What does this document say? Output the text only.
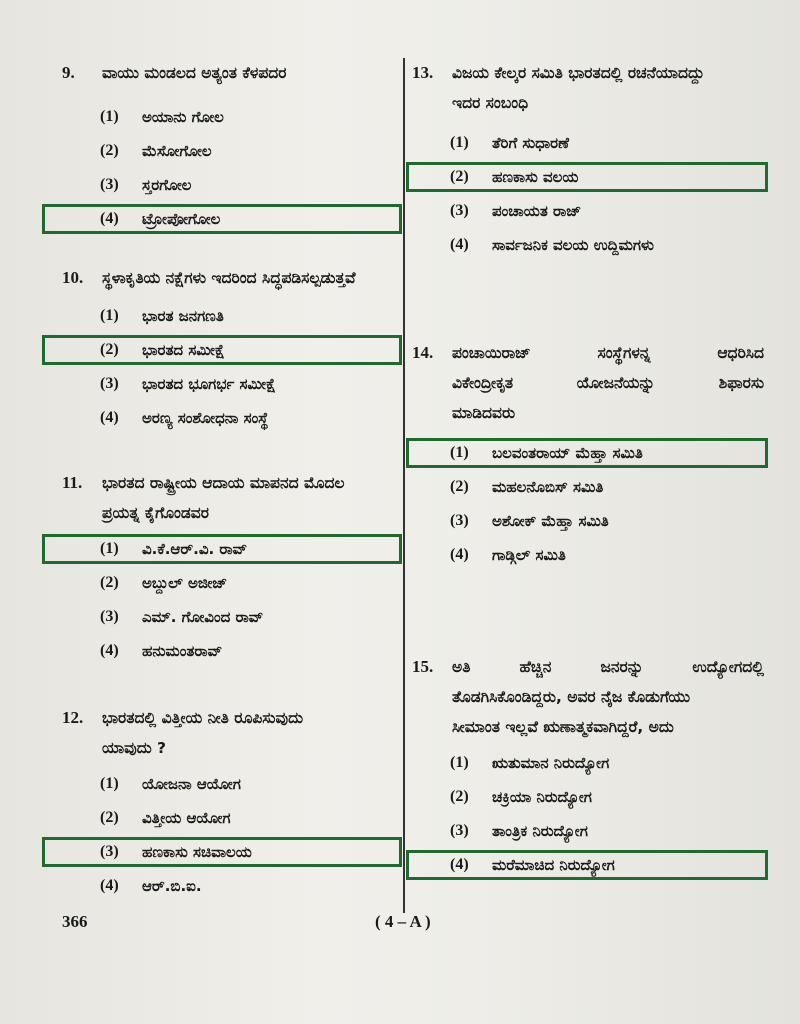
9.	ವಾಯು ಮಂಡಲದ ಅತ್ಯಂತ ಕೆಳಪದರ
(1) ಅಯಾನು ಗೋಲ
(2) ಮೆಸೋಗೋಲ
(3) ಸ್ತರಗೋಲ
(4) ಟ್ರೋಪೋಗೋಲ
10.	ಸ್ಥಳಾಕೃತಿಯ ನಕ್ಷೆಗಳು ಇದರಿಂದ ಸಿದ್ಧಪಡಿಸಲ್ಪಡುತ್ತವೆ
(1) ಭಾರತ ಜನಗಣತಿ
(2) ಭಾರತದ ಸಮೀಕ್ಷೆ
(3) ಭಾರತದ ಭೂಗರ್ಭ ಸಮೀಕ್ಷೆ
(4) ಅರಣ್ಯ ಸಂಶೋಧನಾ ಸಂಸ್ಥೆ
11. ಭಾರತದ ರಾಷ್ಟ್ರೀಯ ಆದಾಯ ಮಾಪನದ ಮೊದಲ
ಪ್ರಯತ್ನ ಕೈಗೊಂಡವರ
(1) ವಿ.ಕೆ.ಆರ್.ವಿ. ರಾವ್
(2) ಅಬ್ದುಲ್ ಅಜೀಜ್
(3) ಎಮ್. ಗೋವಿಂದ ರಾವ್
(4) ಹನುಮಂತರಾವ್
12. ಭಾರತದಲ್ಲಿ ವಿತ್ತೀಯ ನೀತಿ ರೂಪಿಸುವುದು
ಯಾವುದು ?
(1) ಯೋಜನಾ ಆಯೋಗ
(2) ವಿತ್ತೀಯ ಆಯೋಗ
(3) ಹಣಕಾಸು ಸಚಿವಾಲಯ
(4) ಆರ್.ಬಿ.ಐ.
13. ವಿಜಯ ಕೇಲ್ಕರ ಸಮಿತಿ ಭಾರತದಲ್ಲಿ ರಚನೆಯಾದದ್ದು
ಇದರ ಸಂಬಂಧಿ
(1) ತೆರಿಗೆ ಸುಧಾರಣೆ
(2) ಹಣಕಾಸು ವಲಯ
(3) ಪಂಚಾಯತ ರಾಜ್
(4) ಸಾರ್ವಜನಿಕ ವಲಯ ಉದ್ದಿಮಗಳು
14. ಪಂಚಾಯಿರಾಜ್ ಸಂಸ್ಥೆಗಳನ್ನ ಆಧರಿಸಿದ
ವಿಕೇಂದ್ರೀಕೃತ ಯೋಜನೆಯನ್ನು ಶಿಫಾರಸು
ಮಾಡಿದವರು
(1) ಬಲವಂತರಾಯ್ ಮೆಹ್ತಾ ಸಮಿತಿ
(2) ಮಹಲನೊಬಿಸ್ ಸಮಿತಿ
(3) ಅಶೋಕ್ ಮೆಹ್ತಾ ಸಮಿತಿ
(4) ಗಾಡ್ಗಿಲ್ ಸಮಿತಿ
15. ಅತಿ ಹೆಚ್ಚಿನ ಜನರನ್ನು ಉದ್ಯೋಗದಲ್ಲಿ
ತೊಡಗಿಸಿಕೊಂಡಿದ್ದರು, ಅವರ ನೈಜ ಕೊಡುಗೆಯು
ಸೀಮಾಂತ ಇಲ್ಲವೆ ಋಣಾತ್ಮಕವಾಗಿದ್ದರೆ, ಅದು
(1) ಋತುಮಾನ ನಿರುದ್ಯೋಗ
(2) ಚಕ್ರಿಯಾ ನಿರುದ್ಯೋಗ
(3) ತಾಂತ್ರಿಕ ನಿರುದ್ಯೋಗ
(4) ಮರೆಮಾಚಿದ ನಿರುದ್ಯೋಗ
366	( 4 – A )
